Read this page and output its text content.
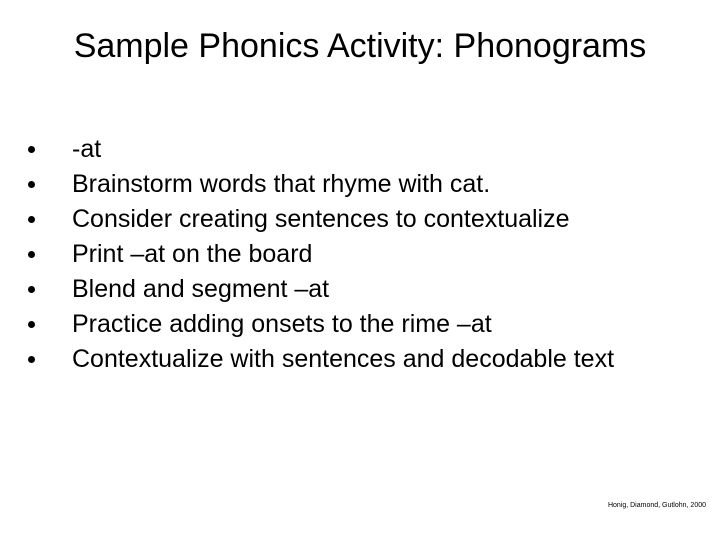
Sample Phonics Activity: Phonograms
-at
Brainstorm words that rhyme with cat.
Consider creating sentences to contextualize
Print –at on the board
Blend and segment –at
Practice adding onsets to the rime –at
Contextualize with sentences and decodable text
Honig, Diamond, Gutlohn, 2000
